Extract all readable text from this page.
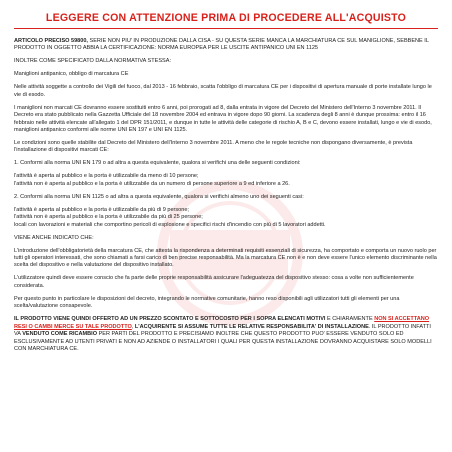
LEGGERE CON ATTENZIONE PRIMA DI PROCEDERE ALL'ACQUISTO

ARTICOLO PRECISO 59800, SERIE NON PIU' IN PRODUZIONE DALLA CISA - SU QUESTA SERIE MANCA LA MARCHIATURA CE SUL MANIGLIONE, SEBBENE IL PRODOTTO IN OGGETTO ABBIA LA CERTIFICAZIONE: NORMA EUROPEA PER LE USCITE ANTIPANICO UNI EN 1125

INOLTRE COME SPECIFICATO DALLA NORMATIVA STESSA:

Maniglioni antipanico, obbligo di marcatura CE

Nelle attività soggette a controllo dei Vigili del fuoco, dal 2013 - 16 febbraio, scatta l'obbligo di marcatura CE per i dispositivi di apertura manuale di porte installate lungo le vie di esodo.

I maniglioni non marcati CE dovranno essere sostituiti entro 6 anni, poi prorogati ad 8, dalla entrata in vigore del Decreto del Ministero dell'Interno 3 novembre 2011. Il Decreto era stato pubblicato nella Gazzetta Ufficiale del 18 novembre 2004 ed entrava in vigore dopo 90 giorni. La scadenza degli 8 anni è dunque prossima: entro il 16 febbraio nelle attività elencate all'allegato 1 del DPR 151/2011, e dunque in tutte le attività delle categorie di rischio A, B e C, devono essere installati, lungo e vie di esodo, maniglioni antipanico conformi alle norme UNI EN 197 e UNI EN 1125.

Le condizioni sono quelle stabilite dal Decreto del Ministero dell'Interno 3 novembre 2011. A meno che le regole tecniche non dispongano diversamente, è prevista l'installazione di dispositivi marcati CE:

1. Conformi alla norma UNI EN 179 o ad altra a questa equivalente, qualora si verifichi una delle seguenti condizioni:

l'attività è aperta al pubblico e la porta è utilizzabile da meno di 10 persone;
l'attività non è aperta al pubblico e la porta è utilizzabile da un numero di persone superiore a 9 ed inferiore a 26.

2. Conformi alla norma UNI EN 1125 o ad altra a questa equivalente, qualora si verifichi almeno uno dei seguenti casi:

l'attività è aperta al pubblico e la porta è utilizzabile da più di 9 persone;
l'attività non è aperta al pubblico e la porta è utilizzabile da più di 25 persone;
locali con lavorazioni e materiali che comportino pericoli di esplosione e specifici rischi d'incendio con più di 5 lavoratori addetti.

VIENE ANCHE INDICATO CHE:

L'introduzione dell'obbligatorietà della marcatura CE, che attesta la rispondenza a determinati requisiti essenziali di sicurezza, ha comportato e comporta un nuovo ruolo per tutti gli operatori interessati, che sono chiamati a farsi carico di ben precise responsabilità. Ma la marcatura CE non è e non deve essere l'unico elemento discriminante nella scelta del dispositivo e nella valutazione del dispositivo installato.

L'utilizzatore quindi deve essere conscio che fa parte delle proprie responsabilità assicurare l'adeguatezza del dispositivo stesso: cosa a volte non sufficientemente considerata.

Per questo punto in particolare le disposizioni del decreto, integrando le normative comunitarie, hanno reso disponibili agli utilizzatori tutti gli elementi per una scelta/valutazione consapevole.

IL PRODOTTO VIENE QUINDI OFFERTO AD UN PREZZO SCONTATO E SOTTOCOSTO PER I SOPRA ELENCATI MOTIVI E CHIARAMENTE NON SI ACCETTANO RESI O CAMBI MERCE SU TALE PRODOTTO, L'ACQUIRENTE SI ASSUME TUTTE LE RELATIVE RESPONSABILITA' DI INSTALLAZIONE. IL PRODOTTO INFATTI VA VENDUTO COME RICAMBIO PER PARTI DEL PRODOTTO E PRECISIAMO INOLTRE CHE QUESTO PRODOTTO PUO' ESSERE VENDUTO SOLO ED ESCLUSIVAMENTE AD UTENTI PRIVATI E NON AD AZIENDE O INSTALLATORI I QUALI PER QUESTA INSTALLAZIONE DOVRANNO ACQUISTARE SOLO MODELLI CON MARCHIATURA CE.
